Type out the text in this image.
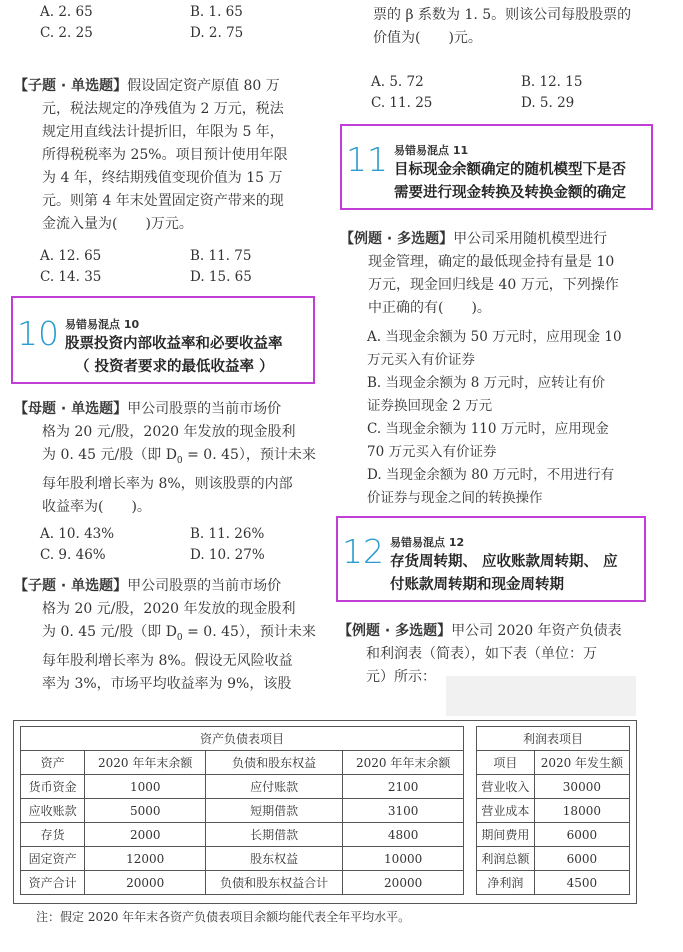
A. 2. 65	B. 1. 65
C. 2. 25	D. 2. 75

【子题 · 单选题】假设固定资产原值 80 万

元，税法规定的净残值为 2 万元，税法

规定用直线法计提折旧，年限为 5 年，

所得税税率为 25%。项目预计使用年限

为 4 年，终结期残值变现价值为 15 万

元。则第 4 年末处置固定资产带来的现

金流入量为(　　)万元。

A. 12. 65	B. 11. 75
C. 14. 35	D. 15. 65
10 易错易混点 10
股票投资内部收益率和必要收益率
（ 投资者要求的最低收益率 ）

【母题 · 单选题】甲公司股票的当前市场价

格为 20 元/股，2020 年发放的现金股利

为 0. 45 元/股（即 $D_0 = 0$. 45），预计未来

每年股利增长率为 8%，则该股票的内部

收益率为(　　)。

A. 10. 43%	B. 11. 26%
C. 9. 46%	D. 10. 27%

【子题 · 单选题】甲公司股票的当前市场价

格为 20 元/股，2020 年发放的现金股利

为 0. 45 元/股（即 $D_0 = 0$. 45），预计未来

每年股利增长率为 8%。假设无风险收益

率为 3%，市场平均收益率为 9%，该股

票的 β 系数为 1. 5。则该公司每股股票的

价值为(　　)元。

A. 5. 72	B. 12. 15
C. 11. 25	D. 5. 29
11 易错易混点 11
目标现金余额确定的随机模型下是否
需要进行现金转换及转换金额的确定

【例题 · 多选题】甲公司采用随机模型进行

现金管理，确定的最低现金持有量是 10

万元，现金回归线是 40 万元，下列操作

中正确的有(　　)。

A. 当现金余额为 50 万元时，应用现金 10

万元买入有价证券

B. 当现金余额为 8 万元时，应转让有价

证券换回现金 2 万元

C. 当现金余额为 110 万元时，应用现金

70 万元买入有价证券

D. 当现金余额为 80 万元时，不用进行有

价证券与现金之间的转换操作

12 易错易混点 12
存货周转期、 应收账款周转期、 应
付账款周转期和现金周转期

【例题 · 多选题】甲公司 2020 年资产负债表

和利润表（简表），如下表（单位：万

元）所示：

资产负债表项目			
资产	2020 年年末余额	负债和股东权益	2020 年年末余额
货币资金	1000	应付账款	2100
应收账款	5000	短期借款	3100
存货	2000	长期借款	4800
固定资产	12000	股东权益	10000
资产合计	20000	负债和股东权益合计	20000
利润表项目	
项目	2020 年发生额
营业收入	30000
营业成本	18000
期间费用	6000
利润总额	6000
净利润	4500
注：假定 2020 年年末各资产负债表项目余额均能代表全年平均水平。
